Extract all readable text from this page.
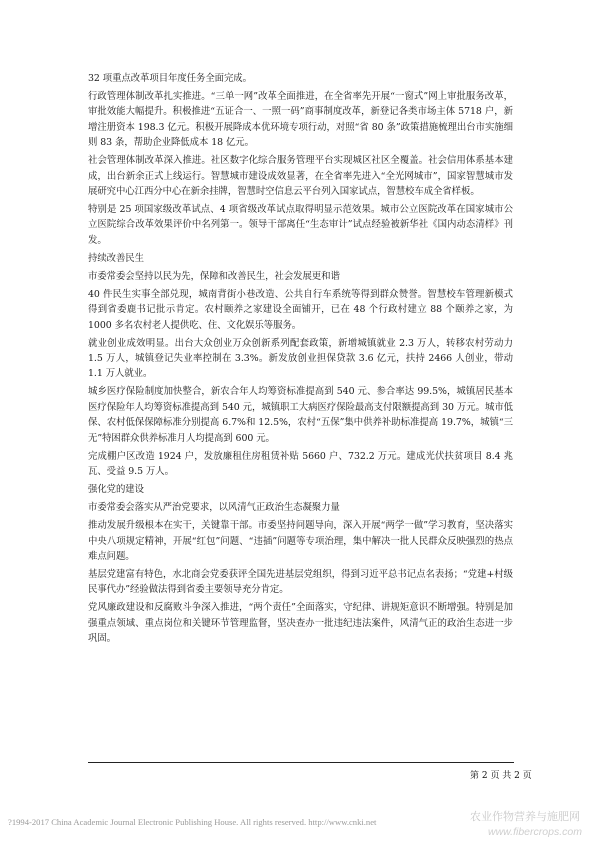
32 项重点改革项目年度任务全面完成。

行政管理体制改革扎实推进。“三单一网”改革全面推进，在全省率先开展“一窗式”网上审批服务改革，审批效能大幅提升。积极推进“五证合一、一照一码”商事制度改革，新登记各类市场主体 5718 户，新增注册资本 198.3 亿元。积极开展降成本优环境专项行动，对照“省 80 条”政策措施梳理出台市实施细则 83 条，帮助企业降低成本 18 亿元。

社会管理体制改革深入推进。社区数字化综合服务管理平台实现城区社区全覆盖。社会信用体系基本建成，出台新余正式上线运行。智慧城市建设成效显著，在全省率先进入“全光网城市”，国家智慧城市发展研究中心江西分中心在新余挂牌，智慧时空信息云平台列入国家试点，智慧校车成全省样板。

特别是 25 项国家级改革试点、4 项省级改革试点取得明显示范效果。城市公立医院改革在国家城市公立医院综合改革效果评价中名列第一。领导干部离任“生态审计”试点经验被新华社《国内动态清样》刊发。

持续改善民生

市委常委会坚持以民为先，保障和改善民生，社会发展更和谐

40 件民生实事全部兑现，城南背街小巷改造、公共自行车系统等得到群众赞誉。智慧校车管理新模式得到省委鹿书记批示肯定。农村颐养之家建设全面铺开，已在 48 个行政村建立 88 个颐养之家，为 1000 多名农村老人提供吃、住、文化娱乐等服务。

就业创业成效明显。出台大众创业万众创新系列配套政策，新增城镇就业 2.3 万人，转移农村劳动力 1.5 万人，城镇登记失业率控制在 3.3%。新发放创业担保贷款 3.6 亿元，扶持 2466 人创业，带动 1.1 万人就业。

城乡医疗保险制度加快整合，新农合年人均筹资标准提高到 540 元、参合率达 99.5%，城镇居民基本医疗保险年人均筹资标准提高到 540 元，城镇职工大病医疗保险最高支付限额提高到 30 万元。城市低保、农村低保保障标准分别提高 6.7%和 12.5%，农村“五保”集中供养补助标准提高 19.7%，城镇“三无”特困群众供养标准月人均提高到 600 元。

完成棚户区改造 1924 户，发放廉租住房租赁补贴 5660 户、732.2 万元。建成光伏扶贫项目 8.4 兆瓦、受益 9.5 万人。

强化党的建设

市委常委会落实从严治党要求，以风清气正政治生态凝聚力量

推动发展升级根本在实干，关键靠干部。市委坚持问题导向，深入开展“两学一做”学习教育，坚决落实中央八项规定精神，开展“红包”问题、“违插”问题等专项治理，集中解决一批人民群众反映强烈的热点难点问题。

基层党建富有特色，水北商会党委获评全国先进基层党组织，得到习近平总书记点名表扬；“党建+村级民事代办”经验做法得到省委主要领导充分肯定。

党风廉政建设和反腐败斗争深入推进，“两个责任”全面落实，守纪律、讲规矩意识不断增强。特别是加强重点领域、重点岗位和关键环节管理监督，坚决查办一批违纪违法案件，风清气正的政治生态进一步巩固。

第 2 页 共 2 页
?1994-2017 China Academic Journal Electronic Publishing House. All rights reserved. http://www.cnki.net	农业作物营养与施肥网
www.fibercrops.com
